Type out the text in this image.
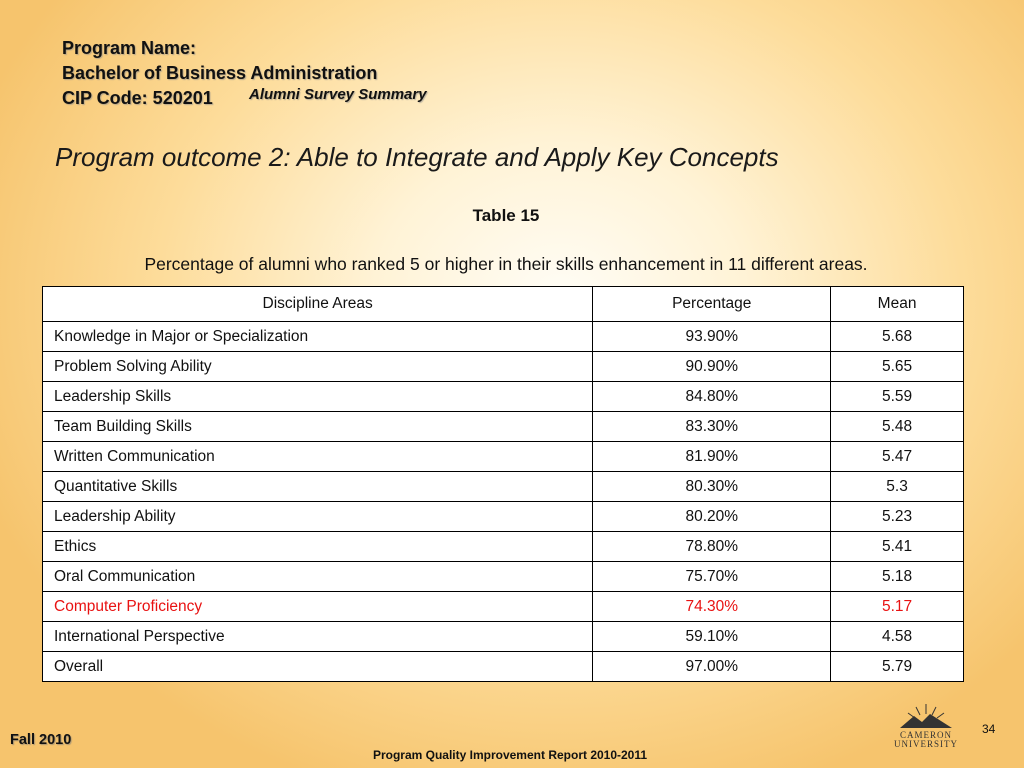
Program Name:
Bachelor of Business Administration
CIP Code: 520201	Alumni Survey Summary
Program outcome 2: Able to Integrate and Apply Key Concepts
Table 15
Percentage of alumni who ranked 5 or higher in their skills enhancement in 11 different areas.
Discipline Areas	Percentage	Mean
Knowledge in Major or Specialization	93.90%	5.68
Problem Solving Ability	90.90%	5.65
Leadership Skills	84.80%	5.59
Team Building Skills	83.30%	5.48
Written Communication	81.90%	5.47
Quantitative Skills	80.30%	5.3
Leadership Ability	80.20%	5.23
Ethics	78.80%	5.41
Oral Communication	75.70%	5.18
Computer Proficiency	74.30%	5.17
International Perspective	59.10%	4.58
Overall	97.00%	5.79
Fall 2010
Program Quality Improvement Report 2010-2011
34
CAMERON
UNIVERSITY
